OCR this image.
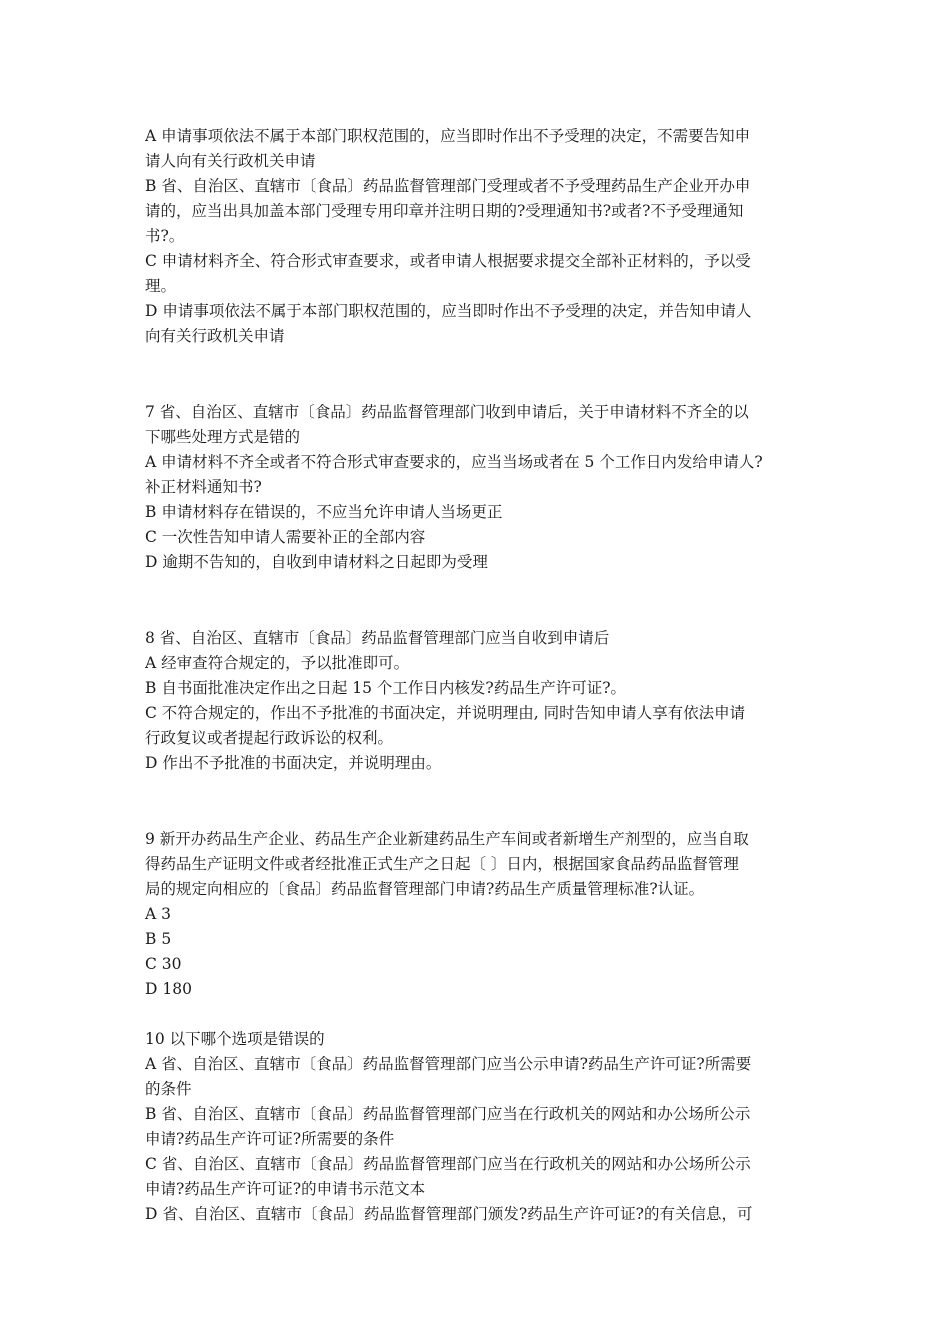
A 申请事项依法不属于本部门职权范围的，应当即时作出不予受理的决定，不需要告知申
请人向有关行政机关申请
B 省、自治区、直辖市〔食品〕药品监督管理部门受理或者不予受理药品生产企业开办申
请的，应当出具加盖本部门受理专用印章并注明日期的?受理通知书?或者?不予受理通知
书?。
C 申请材料齐全、符合形式审查要求，或者申请人根据要求提交全部补正材料的，予以受
理。
D 申请事项依法不属于本部门职权范围的，应当即时作出不予受理的决定，并告知申请人
向有关行政机关申请
7 省、自治区、直辖市〔食品〕药品监督管理部门收到申请后，关于申请材料不齐全的以
下哪些处理方式是错的
A 申请材料不齐全或者不符合形式审查要求的，应当当场或者在 5 个工作日内发给申请人?
补正材料通知书?
B 申请材料存在错误的，不应当允许申请人当场更正
C 一次性告知申请人需要补正的全部内容
D 逾期不告知的，自收到申请材料之日起即为受理
8 省、自治区、直辖市〔食品〕药品监督管理部门应当自收到申请后
A 经审查符合规定的，予以批准即可。
B 自书面批准决定作出之日起 15 个工作日内核发?药品生产许可证?。
C 不符合规定的，作出不予批准的书面决定，并说明理由, 同时告知申请人享有依法申请
行政复议或者提起行政诉讼的权利。
D 作出不予批准的书面决定，并说明理由。
9 新开办药品生产企业、药品生产企业新建药品生产车间或者新增生产剂型的，应当自取
得药品生产证明文件或者经批准正式生产之日起〔 〕日内，根据国家食品药品监督管理
局的规定向相应的〔食品〕药品监督管理部门申请?药品生产质量管理标准?认证。
A 3
B 5
C 30
D 180
10 以下哪个选项是错误的
A 省、自治区、直辖市〔食品〕药品监督管理部门应当公示申请?药品生产许可证?所需要
的条件
B 省、自治区、直辖市〔食品〕药品监督管理部门应当在行政机关的网站和办公场所公示
申请?药品生产许可证?所需要的条件
C 省、自治区、直辖市〔食品〕药品监督管理部门应当在行政机关的网站和办公场所公示
申请?药品生产许可证?的申请书示范文本
D 省、自治区、直辖市〔食品〕药品监督管理部门颁发?药品生产许可证?的有关信息，可
